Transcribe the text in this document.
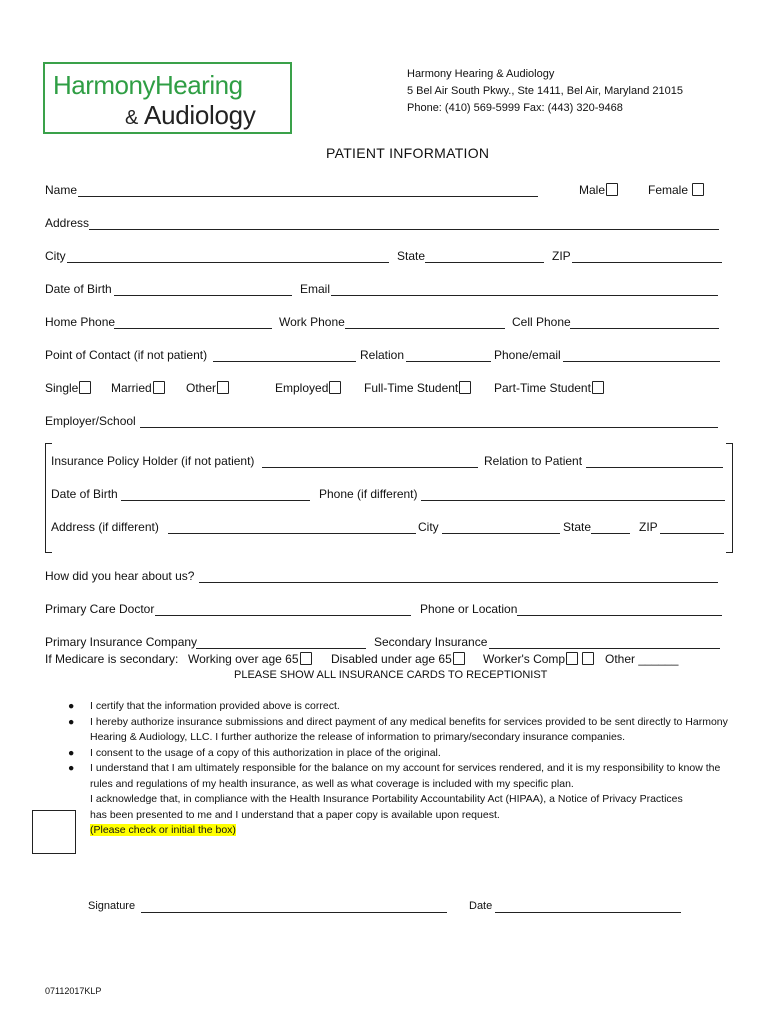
HarmonyHearing
& Audiology
Harmony Hearing & Audiology
5 Bel Air South Pkwy., Ste 1411, Bel Air, Maryland 21015
Phone: (410) 569-5999 Fax: (443) 320-9468
PATIENT INFORMATION
Name	Male	Female
Address
City	State	ZIP
Date of Birth	Email
Home Phone	Work Phone	Cell Phone
Point of Contact (if not patient)	Relation	Phone/email
Single	Married	Other	Employed	Full-Time Student	Part-Time Student
Employer/School
Insurance Policy Holder (if not patient)	Relation to Patient
Date of Birth	Phone (if different)
Address (if different)	City	State	ZIP
How did you hear about us?
Primary Care Doctor	Phone or Location
Primary Insurance Company	Secondary Insurance
If Medicare is secondary: Working over age 65	Disabled under age 65	Worker's Comp	Other ______
PLEASE SHOW ALL INSURANCE CARDS TO RECEPTIONIST
● I certify that the information provided above is correct.
● I hereby authorize insurance submissions and direct payment of any medical benefits for services provided to be sent directly to Harmony Hearing & Audiology, LLC. I further authorize the release of information to primary/secondary insurance companies.
● I consent to the usage of a copy of this authorization in place of the original.
● I understand that I am ultimately responsible for the balance on my account for services rendered, and it is my responsibility to know the rules and regulations of my health insurance, as well as what coverage is included with my specific plan.
I acknowledge that, in compliance with the Health Insurance Portability Accountability Act (HIPAA), a Notice of Privacy Practices has been presented to me and I understand that a paper copy is available upon request.
(Please check or initial the box)
Signature	Date
07112017KLP
